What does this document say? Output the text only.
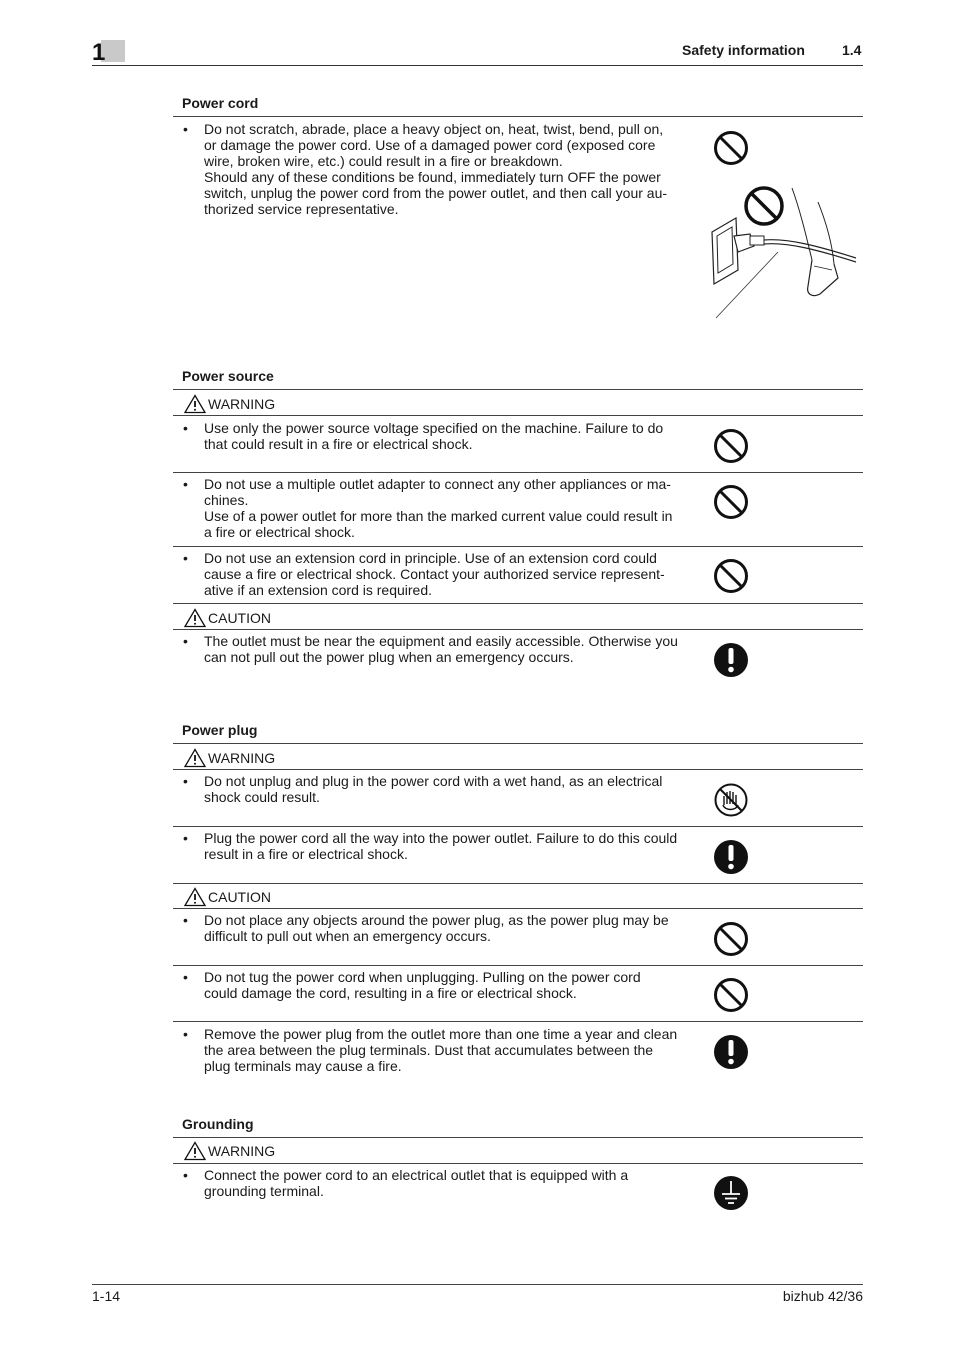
1	Safety information	1.4
Power cord
• Do not scratch, abrade, place a heavy object on, heat, twist, bend, pull on,
or damage the power cord. Use of a damaged power cord (exposed core
wire, broken wire, etc.) could result in a fire or breakdown.
Should any of these conditions be found, immediately turn OFF the power
switch, unplug the power cord from the power outlet, and then call your au-
thorized service representative.
Power source
WARNING
• Use only the power source voltage specified on the machine. Failure to do
that could result in a fire or electrical shock.
• Do not use a multiple outlet adapter to connect any other appliances or ma-
chines.
Use of a power outlet for more than the marked current value could result in
a fire or electrical shock.
• Do not use an extension cord in principle. Use of an extension cord could
cause a fire or electrical shock. Contact your authorized service represent-
ative if an extension cord is required.
CAUTION
• The outlet must be near the equipment and easily accessible. Otherwise you
can not pull out the power plug when an emergency occurs.
Power plug
WARNING
• Do not unplug and plug in the power cord with a wet hand, as an electrical
shock could result.
• Plug the power cord all the way into the power outlet. Failure to do this could
result in a fire or electrical shock.
CAUTION
• Do not place any objects around the power plug, as the power plug may be
difficult to pull out when an emergency occurs.
• Do not tug the power cord when unplugging. Pulling on the power cord
could damage the cord, resulting in a fire or electrical shock.
• Remove the power plug from the outlet more than one time a year and clean
the area between the plug terminals. Dust that accumulates between the
plug terminals may cause a fire.
Grounding
WARNING
• Connect the power cord to an electrical outlet that is equipped with a
grounding terminal.
1-14	bizhub 42/36
